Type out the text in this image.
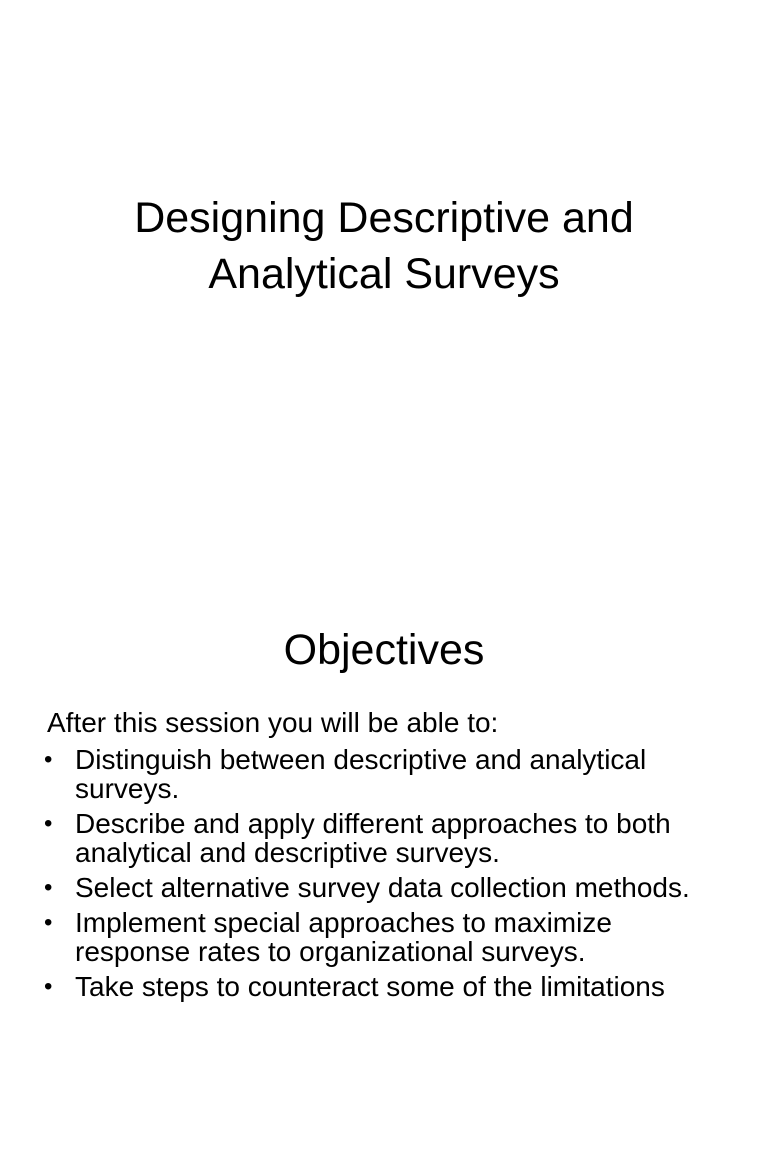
Designing Descriptive and
Analytical Surveys
Objectives
After this session you will be able to:
• Distinguish between descriptive and analytical surveys.
• Describe and apply different approaches to both analytical and descriptive surveys.
• Select alternative survey data collection methods.
• Implement special approaches to maximize response rates to organizational surveys.
• Take steps to counteract some of the limitations
